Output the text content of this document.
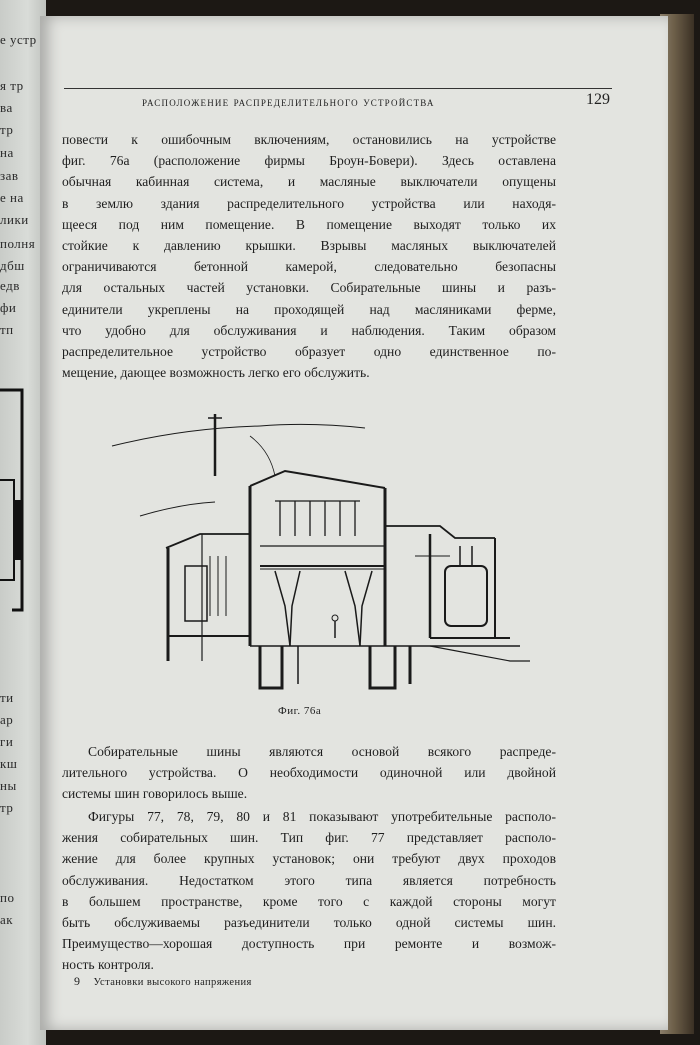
e устр
я тр
ва
тр
на
зав
е на
лики
полня
дбш
едв
фи
тп
ти
ар
ги
кш
ны
тр
по
ак
расположение распределительного устройства	129
повести к ошибочным включениям, остановились на устройстве
фиг. 76а (расположение фирмы Броун-Бовери). Здесь оставлена
обычная кабинная система, и масляные выключатели опущены
в землю здания распределительного устройства или находя-
щееся под ним помещение. В помещение выходят только их
стойкие к давлению крышки. Взрывы масляных выключателей
ограничиваются бетонной камерой, следовательно безопасны
для остальных частей установки. Собирательные шины и разъ-
единители укреплены на проходящей над масляниками ферме,
что удобно для обслуживания и наблюдения. Таким образом
распределительное устройство образует одно единственное по-
мещение, дающее возможность легко его обслужить.
Фиг. 76а
Собирательные шины являются основой всякого распреде-
лительного устройства. О необходимости одиночной или двойной
системы шин говорилось выше.
Фигуры 77, 78, 79, 80 и 81 показывают употребительные располо-
жения собирательных шин. Тип фиг. 77 представляет располо-
жение для более крупных установок; они требуют двух проходов
обслуживания. Недостатком этого типа является потребность
в большем пространстве, кроме того с каждой стороны могут
быть обслуживаемы разъединители только одной системы шин.
Преимущество—хорошая доступность при ремонте и возмож-
ность контроля.
9 Установки высокого напряжения
